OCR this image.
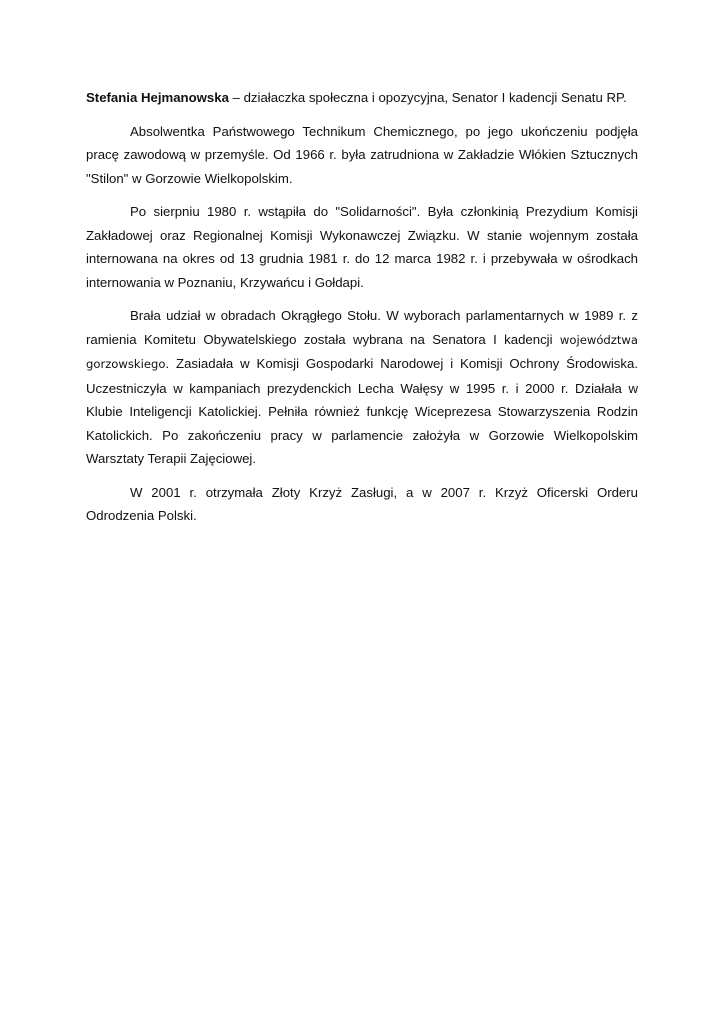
Stefania Hejmanowska – działaczka społeczna i opozycyjna, Senator I kadencji Senatu RP.

Absolwentka Państwowego Technikum Chemicznego, po jego ukończeniu podjęła pracę zawodową w przemyśle. Od 1966 r. była zatrudniona w Zakładzie Włókien Sztucznych "Stilon" w Gorzowie Wielkopolskim.

Po sierpniu 1980 r. wstąpiła do "Solidarności". Była członkinią Prezydium Komisji Zakładowej oraz Regionalnej Komisji Wykonawczej Związku. W stanie wojennym została internowana na okres od 13 grudnia 1981 r. do 12 marca 1982 r. i przebywała w ośrodkach internowania w Poznaniu, Krzywańcu i Gołdapi.

Brała udział w obradach Okrągłego Stołu. W wyborach parlamentarnych w 1989 r. z ramienia Komitetu Obywatelskiego została wybrana na Senatora I kadencji województwa gorzowskiego. Zasiadała w Komisji Gospodarki Narodowej i Komisji Ochrony Środowiska. Uczestniczyła w kampaniach prezydenckich Lecha Wałęsy w 1995 r. i 2000 r. Działała w Klubie Inteligencji Katolickiej. Pełniła również funkcję Wiceprezesa Stowarzyszenia Rodzin Katolickich. Po zakończeniu pracy w parlamencie założyła w Gorzowie Wielkopolskim Warsztaty Terapii Zajęciowej.

W 2001 r. otrzymała Złoty Krzyż Zasługi, a w 2007 r. Krzyż Oficerski Orderu Odrodzenia Polski.
